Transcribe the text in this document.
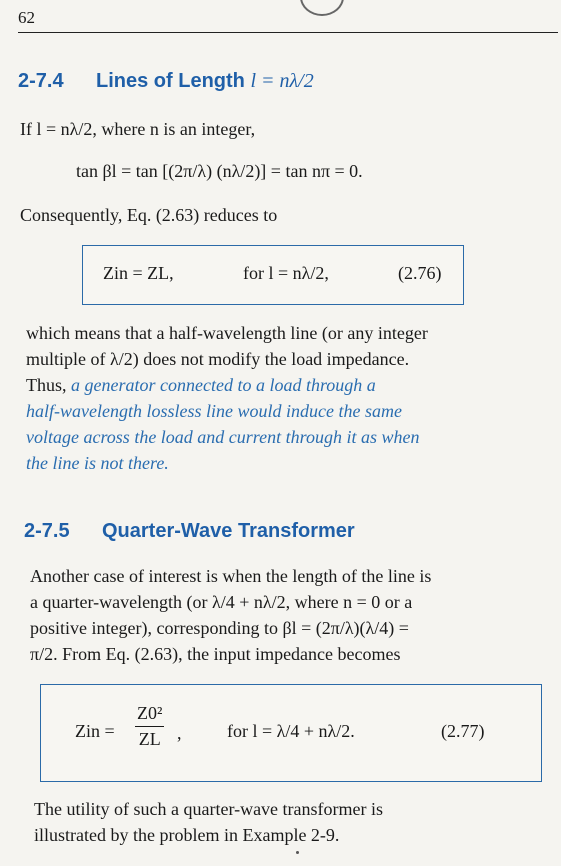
62
2-7.4 Lines of Length l = nλ/2
If l = nλ/2, where n is an integer,
tan βl = tan [(2π/λ) (nλ/2)] = tan nπ = 0.
Consequently, Eq. (2.63) reduces to
Zin = ZL,	for l = nλ/2,	(2.76)
which means that a half-wavelength line (or any integer
multiple of λ/2) does not modify the load impedance.
Thus, a generator connected to a load through a
half-wavelength lossless line would induce the same
voltage across the load and current through it as when
the line is not there.
2-7.5 Quarter-Wave Transformer
Another case of interest is when the length of the line is
a quarter-wavelength (or λ/4 + nλ/2, where n = 0 or a
positive integer), corresponding to βl = (2π/λ)(λ/4) =
π/2. From Eq. (2.63), the input impedance becomes
Zin = $\frac{\text{Z0²}}{ZL}$ ,	for l = λ/4 + nλ/2.	(2.77)
The utility of such a quarter-wave transformer is
illustrated by the problem in Example 2-9.
